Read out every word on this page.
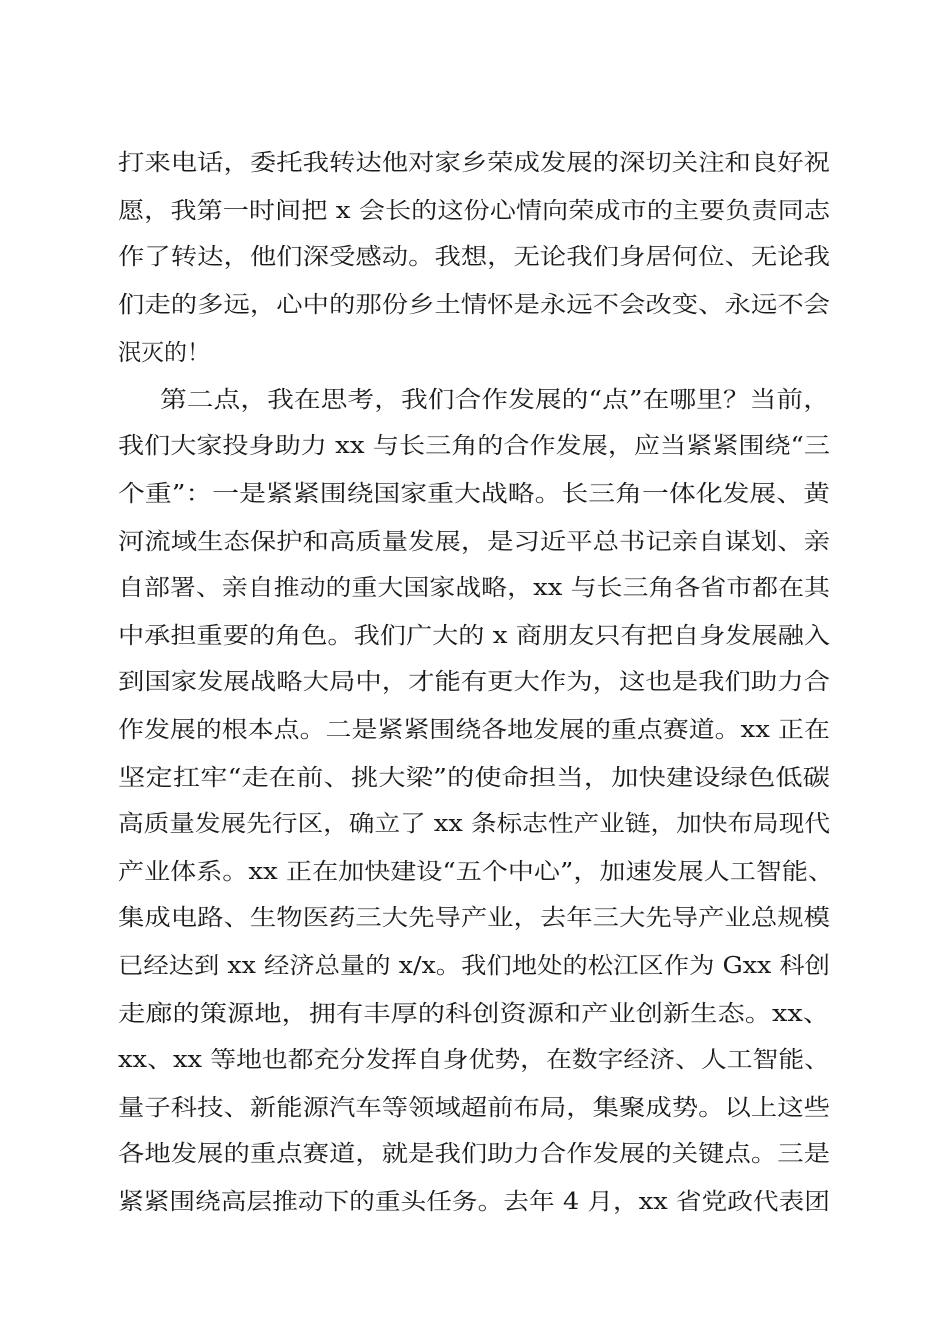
打来电话，委托我转达他对家乡荣成发展的深切关注和良好祝
愿，我第一时间把 x 会长的这份心情向荣成市的主要负责同志
作了转达，他们深受感动。我想，无论我们身居何位、无论我
们走的多远，心中的那份乡土情怀是永远不会改变、永远不会
泯灭的！
第二点，我在思考，我们合作发展的“点”在哪里？当前，
我们大家投身助力 xx 与长三角的合作发展，应当紧紧围绕“三
个重”：一是紧紧围绕国家重大战略。长三角一体化发展、黄
河流域生态保护和高质量发展，是习近平总书记亲自谋划、亲
自部署、亲自推动的重大国家战略，xx 与长三角各省市都在其
中承担重要的角色。我们广大的 x 商朋友只有把自身发展融入
到国家发展战略大局中，才能有更大作为，这也是我们助力合
作发展的根本点。二是紧紧围绕各地发展的重点赛道。xx 正在
坚定扛牢“走在前、挑大梁”的使命担当，加快建设绿色低碳
高质量发展先行区，确立了 xx 条标志性产业链，加快布局现代
产业体系。xx 正在加快建设“五个中心”，加速发展人工智能、
集成电路、生物医药三大先导产业，去年三大先导产业总规模
已经达到 xx 经济总量的 x/x。我们地处的松江区作为 Gxx 科创
走廊的策源地，拥有丰厚的科创资源和产业创新生态。xx、
xx、xx 等地也都充分发挥自身优势，在数字经济、人工智能、
量子科技、新能源汽车等领域超前布局，集聚成势。以上这些
各地发展的重点赛道，就是我们助力合作发展的关键点。三是
紧紧围绕高层推动下的重头任务。去年 4 月，xx 省党政代表团
